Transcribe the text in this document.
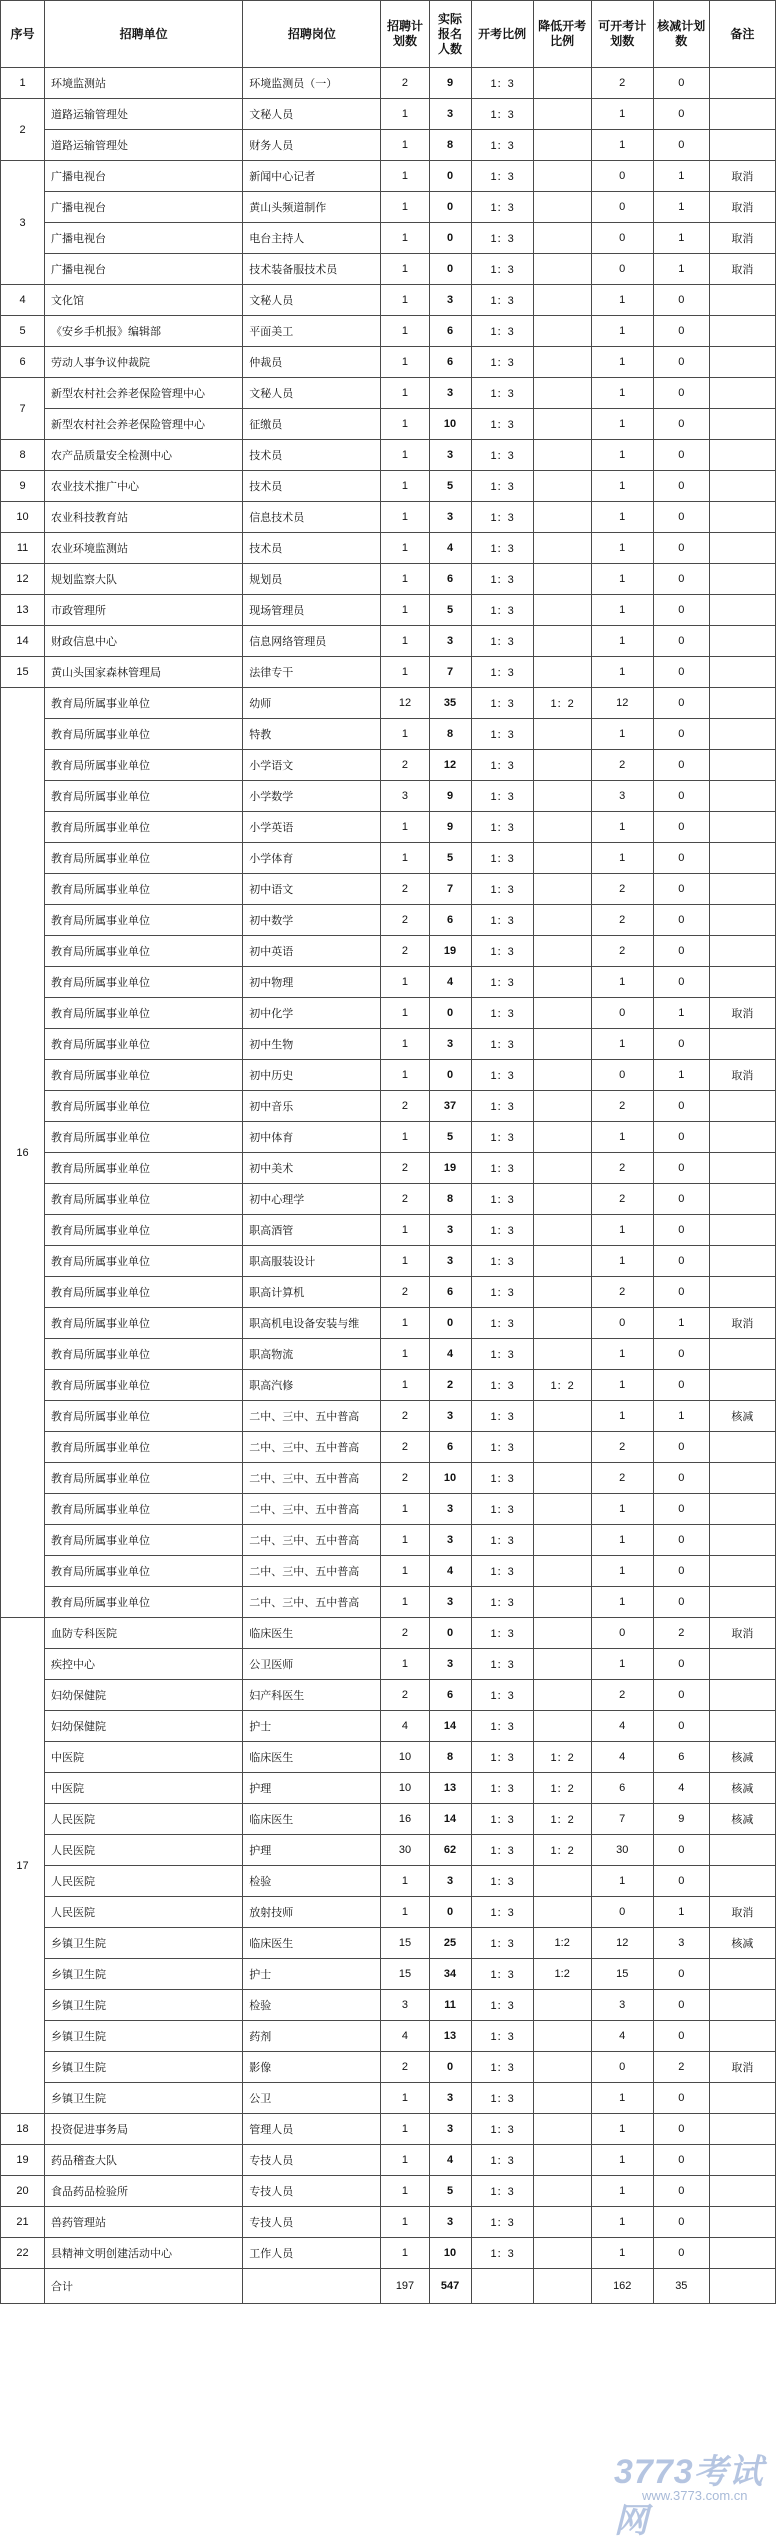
序号	招聘单位	招聘岗位	招聘计划数	实际报名人数	开考比例	降低开考比例	可开考计划数	核减计划数	备注
1	环境监测站	环境监测员（一）	2	9	1：3		2	0	
2	道路运输管理处	文秘人员	1	3	1：3		1	0	
	道路运输管理处	财务人员	1	8	1：3		1	0	
3	广播电视台	新闻中心记者	1	0	1：3		0	1	取消
	广播电视台	黄山头频道制作	1	0	1：3		0	1	取消
	广播电视台	电台主持人	1	0	1：3		0	1	取消
	广播电视台	技术装备服技术员	1	0	1：3		0	1	取消
4	文化馆	文秘人员	1	3	1：3		1	0	
5	《安乡手机报》编辑部	平面美工	1	6	1：3		1	0	
6	劳动人事争议仲裁院	仲裁员	1	6	1：3		1	0	
7	新型农村社会养老保险管理中心	文秘人员	1	3	1：3		1	0	
	新型农村社会养老保险管理中心	征缴员	1	10	1：3		1	0	
8	农产品质量安全检测中心	技术员	1	3	1：3		1	0	
9	农业技术推广中心	技术员	1	5	1：3		1	0	
10	农业科技教育站	信息技术员	1	3	1：3		1	0	
11	农业环境监测站	技术员	1	4	1：3		1	0	
12	规划监察大队	规划员	1	6	1：3		1	0	
13	市政管理所	现场管理员	1	5	1：3		1	0	
14	财政信息中心	信息网络管理员	1	3	1：3		1	0	
15	黄山头国家森林管理局	法律专干	1	7	1：3		1	0	
16	教育局所属事业单位	幼师	12	35	1：3	1：2	12	0	
	教育局所属事业单位	特教	1	8	1：3		1	0	
	教育局所属事业单位	小学语文	2	12	1：3		2	0	
	教育局所属事业单位	小学数学	3	9	1：3		3	0	
	教育局所属事业单位	小学英语	1	9	1：3		1	0	
	教育局所属事业单位	小学体育	1	5	1：3		1	0	
	教育局所属事业单位	初中语文	2	7	1：3		2	0	
	教育局所属事业单位	初中数学	2	6	1：3		2	0	
	教育局所属事业单位	初中英语	2	19	1：3		2	0	
	教育局所属事业单位	初中物理	1	4	1：3		1	0	
	教育局所属事业单位	初中化学	1	0	1：3		0	1	取消
	教育局所属事业单位	初中生物	1	3	1：3		1	0	
	教育局所属事业单位	初中历史	1	0	1：3		0	1	取消
	教育局所属事业单位	初中音乐	2	37	1：3		2	0	
	教育局所属事业单位	初中体育	1	5	1：3		1	0	
	教育局所属事业单位	初中美术	2	19	1：3		2	0	
	教育局所属事业单位	初中心理学	2	8	1：3		2	0	
	教育局所属事业单位	职高酒管	1	3	1：3		1	0	
	教育局所属事业单位	职高服装设计	1	3	1：3		1	0	
	教育局所属事业单位	职高计算机	2	6	1：3		2	0	
	教育局所属事业单位	职高机电设备安装与维	1	0	1：3		0	1	取消
	教育局所属事业单位	职高物流	1	4	1：3		1	0	
	教育局所属事业单位	职高汽修	1	2	1：3	1：2	1	0	
	教育局所属事业单位	二中、三中、五中普高	2	3	1：3		1	1	核减
	教育局所属事业单位	二中、三中、五中普高	2	6	1：3		2	0	
	教育局所属事业单位	二中、三中、五中普高	2	10	1：3		2	0	
	教育局所属事业单位	二中、三中、五中普高	1	3	1：3		1	0	
	教育局所属事业单位	二中、三中、五中普高	1	3	1：3		1	0	
	教育局所属事业单位	二中、三中、五中普高	1	4	1：3		1	0	
	教育局所属事业单位	二中、三中、五中普高	1	3	1：3		1	0	
17	血防专科医院	临床医生	2	0	1：3		0	2	取消
	疾控中心	公卫医师	1	3	1：3		1	0	
	妇幼保健院	妇产科医生	2	6	1：3		2	0	
	妇幼保健院	护士	4	14	1：3		4	0	
	中医院	临床医生	10	8	1：3	1：2	4	6	核减
	中医院	护理	10	13	1：3	1：2	6	4	核减
	人民医院	临床医生	16	14	1：3	1：2	7	9	核减
	人民医院	护理	30	62	1：3	1：2	30	0	
	人民医院	检验	1	3	1：3		1	0	
	人民医院	放射技师	1	0	1：3		0	1	取消
	乡镇卫生院	临床医生	15	25	1：3	1:2	12	3	核减
	乡镇卫生院	护士	15	34	1：3	1:2	15	0	
	乡镇卫生院	检验	3	11	1：3		3	0	
	乡镇卫生院	药剂	4	13	1：3		4	0	
	乡镇卫生院	影像	2	0	1：3		0	2	取消
	乡镇卫生院	公卫	1	3	1：3		1	0	
18	投资促进事务局	管理人员	1	3	1：3		1	0	
19	药品稽查大队	专技人员	1	4	1：3		1	0	
20	食品药品检验所	专技人员	1	5	1：3		1	0	
21	兽药管理站	专技人员	1	3	1：3		1	0	
22	县精神文明创建活动中心	工作人员	1	10	1：3		1	0	
	合计		197	547			162	35	
3773考试网
www.3773.com.cn
